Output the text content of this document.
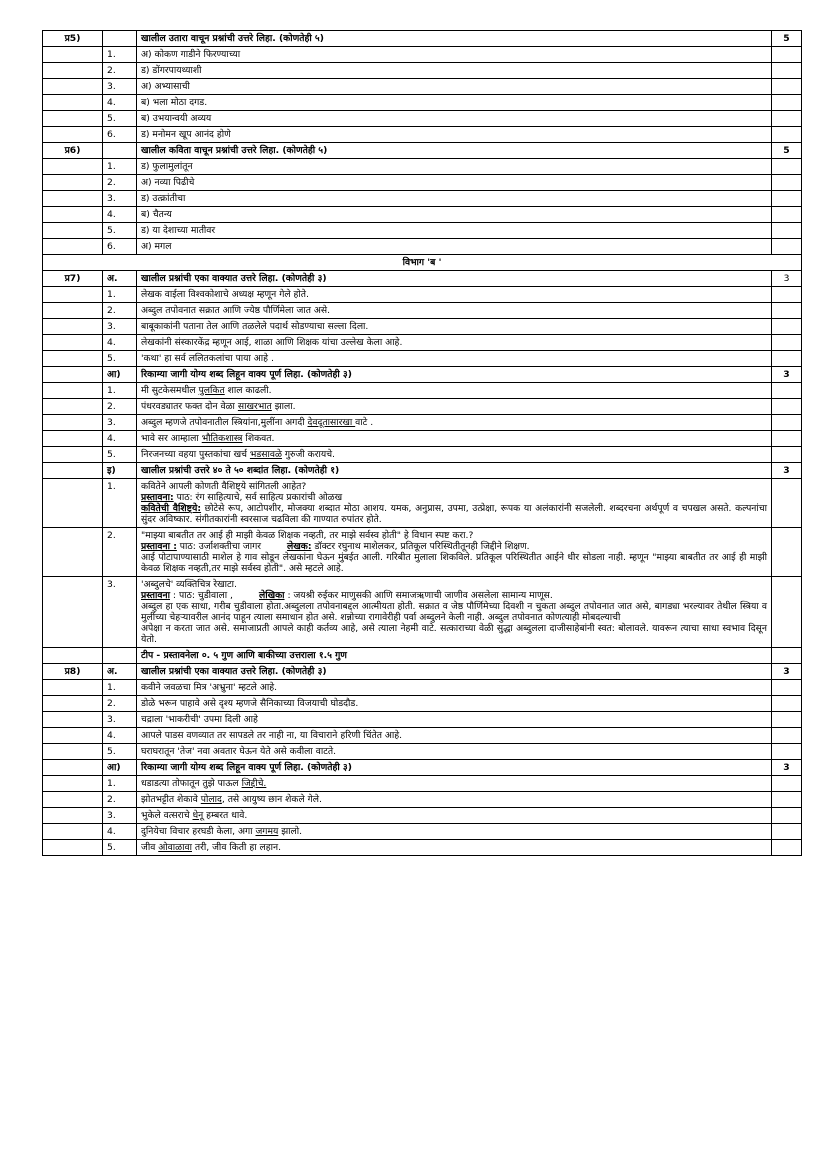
प्र5)		खालील उतारा वाचून प्रश्नांची उत्तरे लिहा. (कोणतेही ५)	5
	1.	अ) कोकण गाडीने फिरण्याच्या	
	2.	ड) डोंगरपायथ्याशी	
	3.	अ) अभ्यासाची	
	4.	ब) भला मोठा दगड.	
	5.	ब) उभयान्वयी अव्यय	
	6.	ड) मनोमन खूप आनंद होणे	
प्र6)		खालील कविता वाचून प्रश्नांची उत्तरे लिहा. (कोणतेही ५)	5
	1.	ड) फुलामुलांतून	
	2.	अ) नव्या पिढीचे	
	3.	ड) उत्क्रांतीचा	
	4.	ब) चैतन्य	
	5.	ड) या देशाच्या मातीवर	
	6.	अ) मगल	
विभाग 'ब '			
प्र7)	अ.	खालील प्रश्नांची एका वाक्यात उत्तरे लिहा. (कोणतेही ३)	3
	1.	लेखक वाईला विश्वकोशाचे अध्यक्ष म्हणून गेले होते.	
	2.	अब्दुल तपोवनात सक्रात आणि ज्येष्ठ पौर्णिमेला जात असे.	
	3.	बाबूकाकांनी पताना तेल आणि तळलेले पदार्थ सोडण्याचा सल्ला दिला.	
	4.	लेखकांनी संस्कारकेंद्र म्हणून आई, शाळा आणि शिक्षक यांचा उल्लेख केला आहे.	
	5.	'कथा' हा सर्व ललितकलांचा पाया आहे .	
	आ)	रिकाम्या जागी योग्य शब्द लिहून वाक्य पूर्ण लिहा. (कोणतेही ३)	3
	1.	मी सुटकेसमधील पुलकित शाल काढली.	
	2.	पंधरवड्यातर फक्त दोन वेळा साखरभात झाला.	
	3.	अब्दुल म्हणजे तपोवनातील स्त्रियांना,मुलींना अगदी देवदूतासारखा वाटे .	
	4.	भावे सर आम्हाला भौतिकशास्त्र शिकवत.	
	5.	निरजनच्या वहया पुस्तकांचा खर्च भडसावळे गुरुजी करायचे.	
	इ)	खालील प्रश्नांची उत्तरे ४० ते ५० शब्दांत लिहा. (कोणतेही १)	3
	1.	कवितेने आपली कोणती वैशिष्ट्ये सांगितली आहेत?
प्रस्तावना: पाठ: रंग साहित्याचे, सर्व साहित्य प्रकारांची ओळख
कवितेची वैशिष्ट्ये: छोटेसे रूप, आटोपशीर, मोजक्या शब्दात मोठा आशय. यमक, अनुप्रास, उपमा, उत्प्रेक्षा, रूपक या अलंकारांनी सजलेली. शब्दरचना अर्थपूर्ण व चपखल असते. कल्पनांचा सुंदर अविष्कार. संगीतकारांनी स्वरसाज चढविला की गाण्यात रुपांतर होते.	

	2.	"माझ्या बाबतीत तर आई ही माझी केवळ शिक्षक नव्हती, तर माझे सर्वस्व होती" हे विधान स्पष्ट करा.?
प्रस्तावना : पाठ: उर्जाशक्तीचा जागर लेखक: डॉक्टर रघुनाथ माशेलकर, प्रतिकूल परिस्थितीतूनही जिद्दीने शिक्षण.
आई पोटापाण्यासाठी माशेल हे गाव सोडून लेखकांना घेऊन मुंबईत आली. गरिबीत मुलाला शिकविले. प्रतिकूल परिस्थितीत आईने धीर सोडला नाही. म्हणून "माझ्या बाबतीत तर आई ही माझी केवळ शिक्षक नव्हती,तर माझे सर्वस्व होती". असे म्हटले आहे.	

	3.	'अब्दुलचे' व्यक्तिचित्र रेखाटा.
प्रस्तावना : पाठ: चुडीवाला , लेखिका : जयश्री रुईकर माणुसकी आणि समाजऋणाची जाणीव असलेला सामान्य माणूस.
अब्दुल हा एक साधा, गरीब चुडीवाला होता.अब्दुलला तपोवनाबद्दल आत्मीयता होती. सक्रात व जेष्ठ पौर्णिमेच्या दिवशी न चुकता अब्दुल तपोवनात जात असे, बागड्या भरल्यावर तेथील स्त्रिया व मुलींच्या चेहऱ्यावरील आनंद पाहून त्याला समाधान होत असे. शन्नोच्या रागावेरीही पर्वा अब्दुलने केली नाही. अब्दुल तपोवनात कोणत्याही मोबदल्याची
अपेक्षा न करता जात असे. समाजाप्रती आपले काही कर्तव्य आहे, असे त्याला नेहमी वाटे. सत्काराच्या वेळी सुद्धा अब्दुलला दाजीसाहेबांनी स्वत: बोलावले. यावरून त्याचा साधा स्वभाव दिसून येतो.	

		टीप - प्रस्तावनेला ०. ५ गुण आणि बाकीच्या उत्तराला १.५ गुण	
प्र8)	अ.	खालील प्रश्नांची एका वाक्यात उत्तरे लिहा. (कोणतेही ३)	3
	1.	कवीने जवळचा मित्र 'अभ्रुना' म्हटले आहे.	
	2.	डोळे भरून पाहावे असे दृश्य म्हणजे सैनिकाच्या विजयाची घोडदौड.	
	3.	चद्राला 'भाकरीची' उपमा दिली आहे	
	4.	आपले पाडस वणव्यात तर सापडले तर नाही ना, या विचाराने हरिणी चिंतेत आहे.	
	5.	घराघरातून 'तेज' नवा अवतार घेऊन येते असे कवीला वाटते.	
	आ)	रिकाम्या जागी योग्य शब्द लिहून वाक्य पूर्ण लिहा. (कोणतेही ३)	3
	1.	धडाडत्या तोफातून तुझे पाऊल जिद्दीचे.	
	2.	झोतभट्टीत शेकावे पोलाद, तसे आयुष्य छान शेकले गेले.	
	3.	भुकेले वत्सराचे धेनू हम्बरत धावे.	
	4.	दुनियेचा विचार हरघडी केला, अगा जगमय झालो.	
	5.	जीव ओवाळावा तरी, जीव किती हा लहान.	
